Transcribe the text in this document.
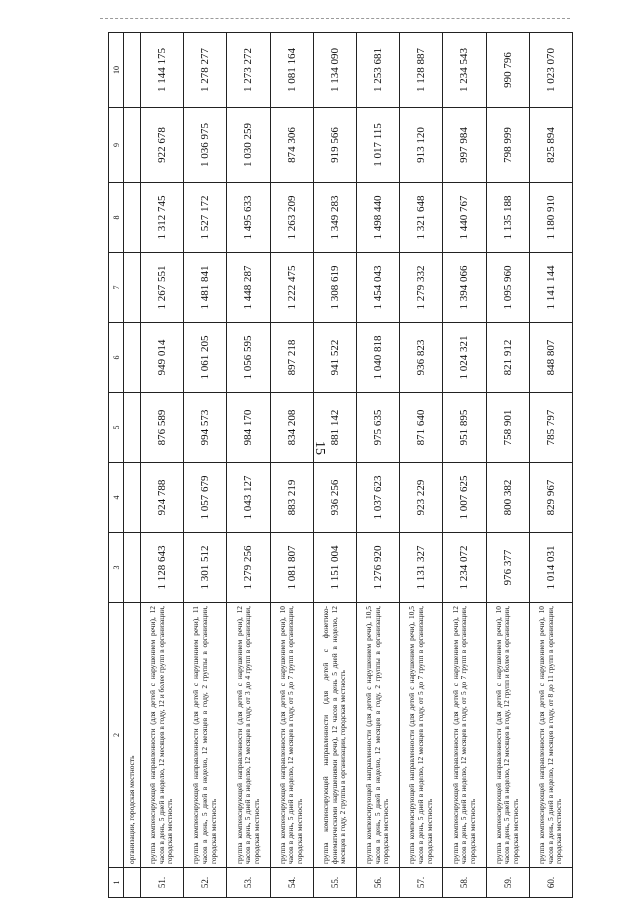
15
1	2	3	4	5	6	7	8	9	10
	организации, городская местность								
51.	группа компенсирующей направленности (для детей с нарушением речи), 12 часов в день, 5 дней в неделю, 12 месяцев в году, 12 и более групп в организации, городская местность	1 128 643	924 788	876 589	949 014	1 267 551	1 312 745	922 678	1 144 175
52.	группа компенсирующей направленности (для детей с нарушением речи), 11 часов в день, 5 дней в неделю, 12 месяцев в году, 2 группы в организации, городская местность	1 301 512	1 057 679	994 573	1 061 205	1 481 841	1 527 172	1 036 975	1 278 277
53.	группа компенсирующей направленности (для детей с нарушением речи), 12 часов в день, 5 дней в неделю, 12 месяцев в году, от 3 до 4 групп в организации, городская местность	1 279 256	1 043 127	984 170	1 056 595	1 448 287	1 495 633	1 030 259	1 273 272
54.	группа компенсирующей направленности (для детей с нарушением речи), 10 часов в день, 5 дней в неделю, 12 месяцев в году, от 5 до 7 групп в организации, городская местность	1 081 807	883 219	834 208	897 218	1 222 475	1 263 209	874 306	1 081 164
55.	группа компенсирующей направленности (для детей с фонетико-фонематическими нарушениями речи), 12 часов в день 5 дней в неделю, 12 месяцев в году, 2 группы в организации, городская местность	1 151 004	936 256	881 142	941 522	1 308 619	1 349 283	919 566	1 134 090
56.	группа компенсирующей направленности (для детей с нарушением речи), 10,5 часов в день, 5 дней в неделю, 12 месяцев в году, 2 группы в организации, городская местность	1 276 920	1 037 623	975 635	1 040 818	1 454 043	1 498 440	1 017 115	1 253 681
57.	группа компенсирующей направленности (для детей с нарушением речи), 10,5 часов в день, 5 дней в неделю, 12 месяцев в году, от 5 до 7 групп в организации, городская местность	1 131 327	923 229	871 640	936 823	1 279 332	1 321 648	913 120	1 128 887
58.	группа компенсирующей направленности (для детей с нарушением речи), 12 часов в день, 5 дней в неделю, 12 месяцев в году, от 5 до 7 групп в организации, городская местность	1 234 072	1 007 625	951 895	1 024 321	1 394 066	1 440 767	997 984	1 234 543
59.	группа компенсирующей направленности (для детей с нарушением речи), 10 часов в день, 5 дней в неделю, 12 месяцев в году, 12 групп и более в организации, городская местность	976 377	800 382	758 901	821 912	1 095 960	1 135 188	798 999	990 796
60.	группа компенсирующей направленности (для детей с нарушением речи), 10 часов в день, 5 дней в неделю, 12 месяцев в году, от 8 до 11 групп в организации, городская местность	1 014 031	829 967	785 797	848 807	1 141 144	1 180 910	825 894	1 023 070
